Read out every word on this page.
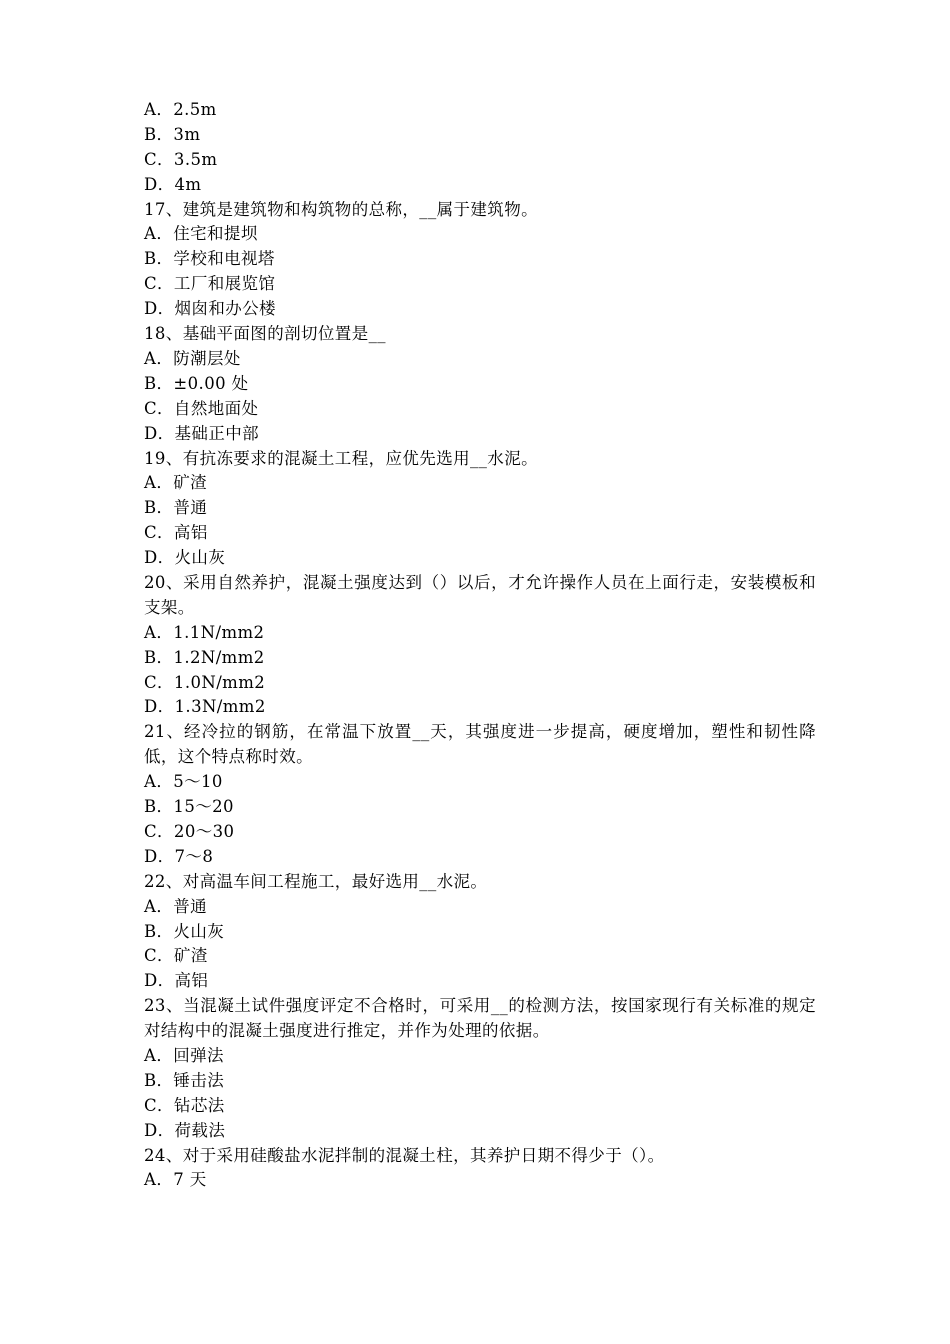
A．2.5m
B．3m
C．3.5m
D．4m
17、建筑是建筑物和构筑物的总称，__属于建筑物。
A．住宅和提坝
B．学校和电视塔
C．工厂和展览馆
D．烟囱和办公楼
18、基础平面图的剖切位置是__
A．防潮层处
B．±0.00 处
C．自然地面处
D．基础正中部
19、有抗冻要求的混凝土工程，应优先选用__水泥。
A．矿渣
B．普通
C．高铝
D．火山灰
20、采用自然养护，混凝土强度达到（）以后，才允许操作人员在上面行走，安装模板和支架。
A．1.1N/mm2
B．1.2N/mm2
C．1.0N/mm2
D．1.3N/mm2
21、经冷拉的钢筋，在常温下放置__天，其强度进一步提高，硬度增加，塑性和韧性降低，这个特点称时效。
A．5～10
B．15～20
C．20～30
D．7～8
22、对高温车间工程施工，最好选用__水泥。
A．普通
B．火山灰
C．矿渣
D．高铝
23、当混凝土试件强度评定不合格时，可采用__的检测方法，按国家现行有关标准的规定对结构中的混凝土强度进行推定，并作为处理的依据。
A．回弹法
B．锤击法
C．钻芯法
D．荷载法
24、对于采用硅酸盐水泥拌制的混凝土柱，其养护日期不得少于（）。
A．7 天
